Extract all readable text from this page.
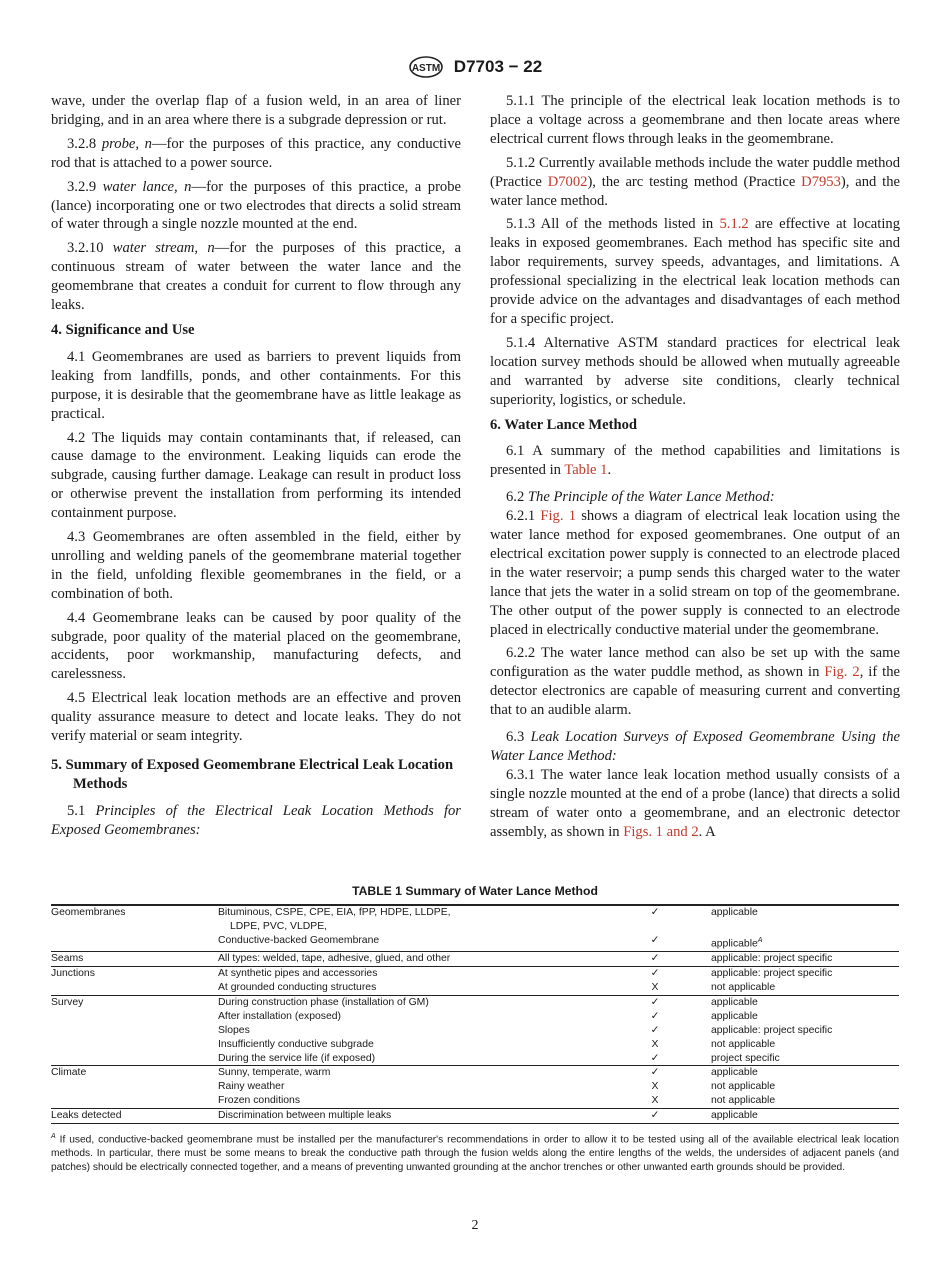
ASTM D7703 − 22

wave, under the overlap flap of a fusion weld, in an area of liner bridging, and in an area where there is a subgrade depression or rut.

3.2.8 probe, n—for the purposes of this practice, any conductive rod that is attached to a power source.

3.2.9 water lance, n—for the purposes of this practice, a probe (lance) incorporating one or two electrodes that directs a solid stream of water through a single nozzle mounted at the end.

3.2.10 water stream, n—for the purposes of this practice, a continuous stream of water between the water lance and the geomembrane that creates a conduit for current to flow through any leaks.

4. Significance and Use

4.1 Geomembranes are used as barriers to prevent liquids from leaking from landfills, ponds, and other containments. For this purpose, it is desirable that the geomembrane have as little leakage as practical.

4.2 The liquids may contain contaminants that, if released, can cause damage to the environment. Leaking liquids can erode the subgrade, causing further damage. Leakage can result in product loss or otherwise prevent the installation from performing its intended containment purpose.

4.3 Geomembranes are often assembled in the field, either by unrolling and welding panels of the geomembrane material together in the field, unfolding flexible geomembranes in the field, or a combination of both.

4.4 Geomembrane leaks can be caused by poor quality of the subgrade, poor quality of the material placed on the geomembrane, accidents, poor workmanship, manufacturing defects, and carelessness.

4.5 Electrical leak location methods are an effective and proven quality assurance measure to detect and locate leaks. They do not verify material or seam integrity.

5. Summary of Exposed Geomembrane Electrical Leak Location Methods

5.1 Principles of the Electrical Leak Location Methods for Exposed Geomembranes:

5.1.1 The principle of the electrical leak location methods is to place a voltage across a geomembrane and then locate areas where electrical current flows through leaks in the geomembrane.

5.1.2 Currently available methods include the water puddle method (Practice D7002), the arc testing method (Practice D7953), and the water lance method.

5.1.3 All of the methods listed in 5.1.2 are effective at locating leaks in exposed geomembranes. Each method has specific site and labor requirements, survey speeds, advantages, and limitations. A professional specializing in the electrical leak location methods can provide advice on the advantages and disadvantages of each method for a specific project.

5.1.4 Alternative ASTM standard practices for electrical leak location survey methods should be allowed when mutually agreeable and warranted by adverse site conditions, clearly technical superiority, logistics, or schedule.

6. Water Lance Method

6.1 A summary of the method capabilities and limitations is presented in Table 1.

6.2 The Principle of the Water Lance Method:

6.2.1 Fig. 1 shows a diagram of electrical leak location using the water lance method for exposed geomembranes. One output of an electrical excitation power supply is connected to an electrode placed in the water reservoir; a pump sends this charged water to the water lance that jets the water in a solid stream on top of the geomembrane. The other output of the power supply is connected to an electrode placed in electrically conductive material under the geomembrane.

6.2.2 The water lance method can also be set up with the same configuration as the water puddle method, as shown in Fig. 2, if the detector electronics are capable of measuring current and converting that to an audible alarm.

6.3 Leak Location Surveys of Exposed Geomembrane Using the Water Lance Method:

6.3.1 The water lance leak location method usually consists of a single nozzle mounted at the end of a probe (lance) that directs a solid stream of water onto a geomembrane, and an electronic detector assembly, as shown in Figs. 1 and 2. A

TABLE 1 Summary of Water Lance Method
Geomembranes	Bituminous, CSPE, CPE, EIA, fPP, HDPE, LLDPE,
LDPE, PVC, VLDPE,	✓	applicable

	Conductive-backed Geomembrane	✓	applicable$^A$
Seams	All types: welded, tape, adhesive, glued, and other	✓	applicable: project specific
Junctions	At synthetic pipes and accessories	✓	applicable: project specific

	At grounded conducting structures	X	not applicable
Survey	During construction phase (installation of GM)	✓	applicable

	After installation (exposed)	✓	applicable

	Slopes	✓	applicable: project specific

	Insufficiently conductive subgrade	X	not applicable

	During the service life (if exposed)	✓	project specific
Climate	Sunny, temperate, warm	✓	applicable

	Rainy weather	X	not applicable

	Frozen conditions	X	not applicable
Leaks detected	Discrimination between multiple leaks	✓	applicable
$^A$ If used, conductive-backed geomembrane must be installed per the manufacturer's recommendations in order to allow it to be tested using all of the available electrical leak location methods. In particular, there must be some means to break the conductive path through the fusion welds along the entire lengths of the welds, the undersides of adjacent panels (and patches) should be electrically connected together, and a means of preventing unwanted grounding at the anchor trenches or other unwanted earth grounds should be provided.
2
